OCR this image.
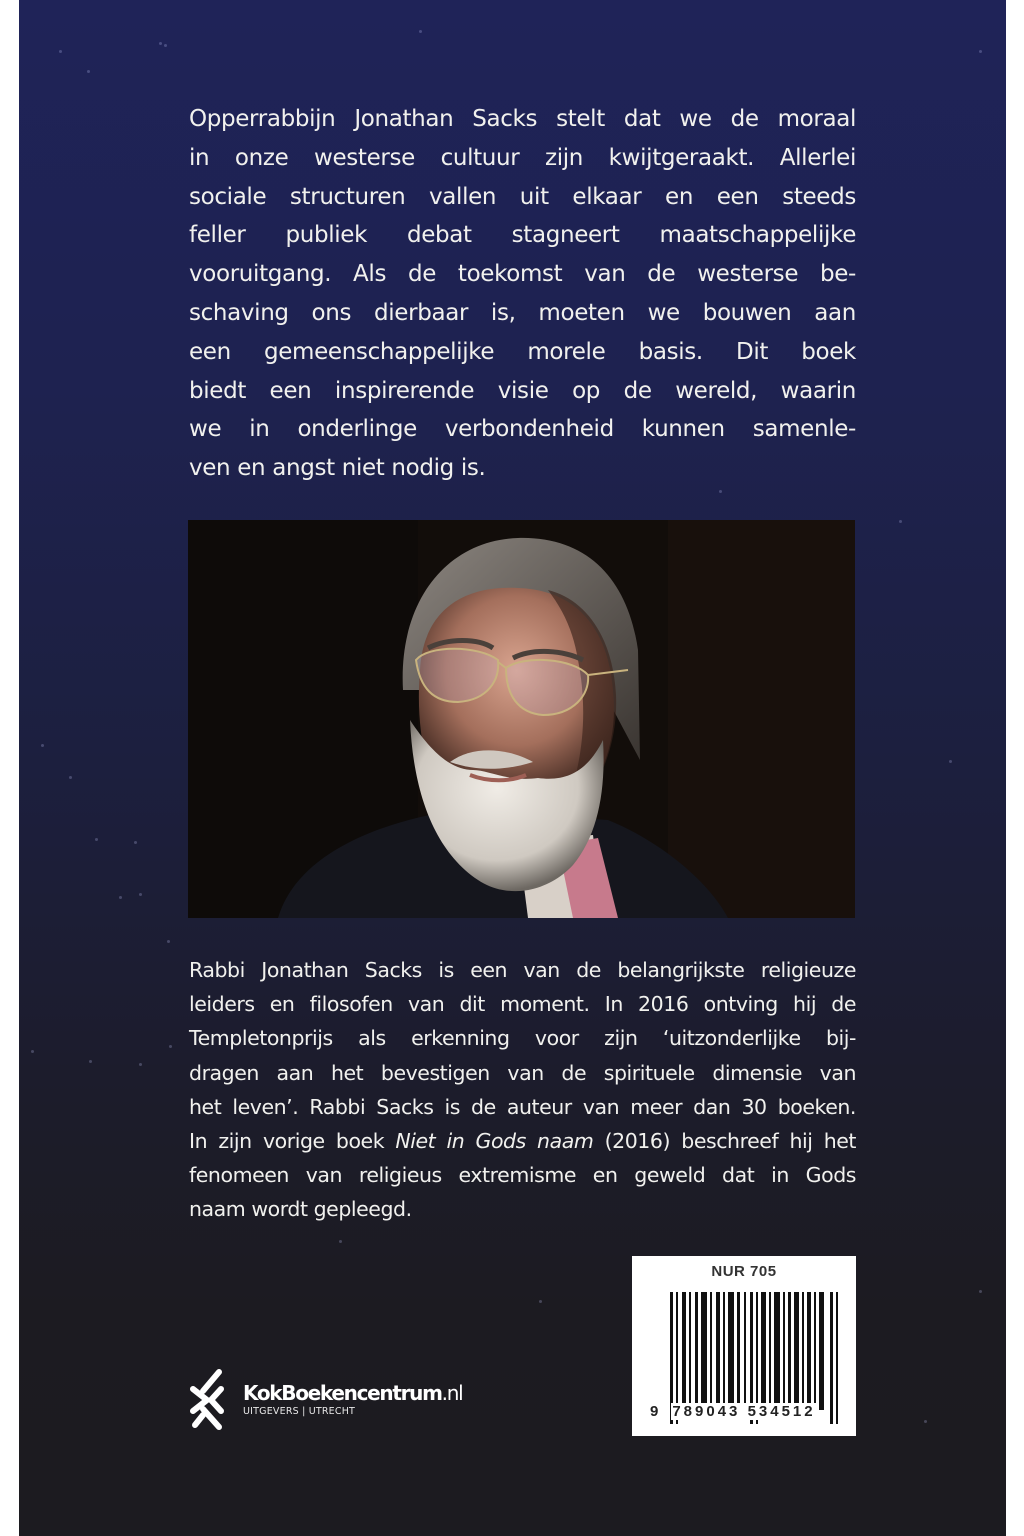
Opperrabbijn Jonathan Sacks stelt dat we de moraal
in onze westerse cultuur zijn kwijtgeraakt. Allerlei
sociale structuren vallen uit elkaar en een steeds
feller publiek debat stagneert maatschappelijke
vooruitgang. Als de toekomst van de westerse be-
schaving ons dierbaar is, moeten we bouwen aan
een gemeenschappelijke morele basis. Dit boek
biedt een inspirerende visie op de wereld, waarin
we in onderlinge verbondenheid kunnen samenle-
ven en angst niet nodig is.

Rabbi Jonathan Sacks is een van de belangrijkste religieuze
leiders en filosofen van dit moment. In 2016 ontving hij de
Templetonprijs als erkenning voor zijn ‘uitzonderlijke bij-
dragen aan het bevestigen van de spirituele dimensie van
het leven’. Rabbi Sacks is de auteur van meer dan 30 boeken.
In zijn vorige boek Niet in Gods naam (2016) beschreef hij het
fenomeen van religieus extremisme en geweld dat in Gods
naam wordt gepleegd.

KokBoekencentrum.nl
UITGEVERS | UTRECHT
NUR 705
9 789043 534512
